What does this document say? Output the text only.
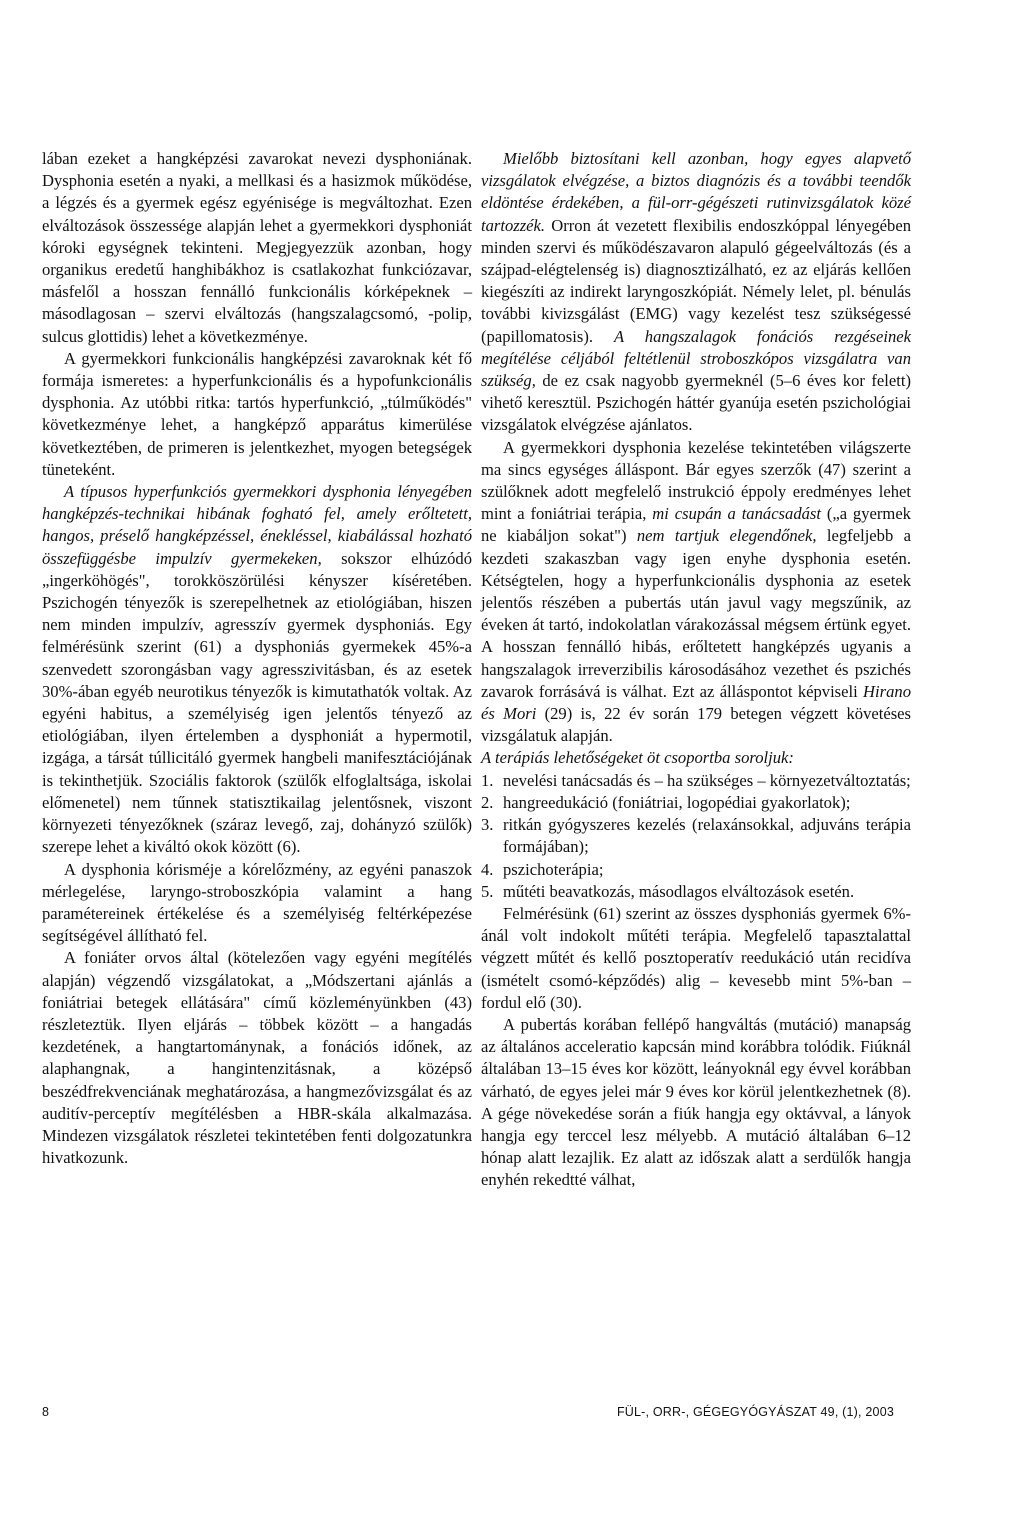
lában ezeket a hangképzési zavarokat nevezi dysphoniának. Dysphonia esetén a nyaki, a mellkasi és a hasizmok működése, a légzés és a gyermek egész egyénisége is megváltozhat. Ezen elváltozások összessége alapján lehet a gyermekkori dysphoniát kóroki egységnek tekinteni. Megjegyezzük azonban, hogy organikus eredetű hanghibákhoz is csatlakozhat funkciózavar, másfelől a hosszan fennálló funkcionális kórképeknek – másodlagosan – szervi elváltozás (hangszalagcsomó, -polip, sulcus glottidis) lehet a következménye.

A gyermekkori funkcionális hangképzési zavaroknak két fő formája ismeretes: a hyperfunkcionális és a hypofunkcionális dysphonia. Az utóbbi ritka: tartós hyperfunkció, „túlműködés" következménye lehet, a hangképző apparátus kimerülése következtében, de primeren is jelentkezhet, myogen betegségek tüneteként.

A típusos hyperfunkciós gyermekkori dysphonia lényegében hangképzés-technikai hibának fogható fel, amely erőltetett, hangos, préselő hangképzéssel, énekléssel, kiabálással hozható összefüggésbe impulzív gyermekeken, sokszor elhúzódó „ingerköhögés", torokköszörülési kényszer kíséretében. Pszichogén tényezők is szerepelhetnek az etiológiában, hiszen nem minden impulzív, agresszív gyermek dysphoniás. Egy felmérésünk szerint (61) a dysphoniás gyermekek 45%-a szenvedett szorongásban vagy agresszivitásban, és az esetek 30%-ában egyéb neurotikus tényezők is kimutathatók voltak. Az egyéni habitus, a személyiség igen jelentős tényező az etiológiában, ilyen értelemben a dysphoniát a hypermotil, izgága, a társát túllicitáló gyermek hangbeli manifesztációjának is tekinthetjük. Szociális faktorok (szülők elfoglaltsága, iskolai előmenetel) nem tűnnek statisztikailag jelentősnek, viszont környezeti tényezőknek (száraz levegő, zaj, dohányzó szülők) szerepe lehet a kiváltó okok között (6).

A dysphonia kórisméje a kórelőzmény, az egyéni panaszok mérlegelése, laryngo-stroboszkópia valamint a hang paramétereinek értékelése és a személyiség feltérképezése segítségével állítható fel.

A foniáter orvos által (kötelezően vagy egyéni megítélés alapján) végzendő vizsgálatokat, a „Módszertani ajánlás a foniátriai betegek ellátására" című közleményünkben (43) részleteztük. Ilyen eljárás – többek között – a hangadás kezdetének, a hangtartománynak, a fonációs időnek, az alaphangnak, a hangintenzitásnak, a középső beszédfrekvenciának meghatározása, a hangmezővizsgálat és az auditív-perceptív megítélésben a HBR-skála alkalmazása. Mindezen vizsgálatok részletei tekintetében fenti dolgozatunkra hivatkozunk.

Mielőbb biztosítani kell azonban, hogy egyes alapvető vizsgálatok elvégzése, a biztos diagnózis és a további teendők eldöntése érdekében, a fül-orr-gégészeti rutinvizsgálatok közé tartozzék. Orron át vezetett flexibilis endoszkóppal lényegében minden szervi és működészavaron alapuló gégeelváltozás (és a szájpad-elégtelenség is) diagnosztizálható, ez az eljárás kellően kiegészíti az indirekt laryngoszkópiát. Némely lelet, pl. bénulás további kivizsgálást (EMG) vagy kezelést tesz szükségessé (papillomatosis). A hangszalagok fonációs rezgéseinek megítélése céljából feltétlenül stroboszkópos vizsgálatra van szükség, de ez csak nagyobb gyermeknél (5–6 éves kor felett) vihető keresztül. Pszichogén háttér gyanúja esetén pszichológiai vizsgálatok elvégzése ajánlatos.

A gyermekkori dysphonia kezelése tekintetében világszerte ma sincs egységes álláspont. Bár egyes szerzők (47) szerint a szülőknek adott megfelelő instrukció éppoly eredményes lehet mint a foniátriai terápia, mi csupán a tanácsadást („a gyermek ne kiabáljon sokat") nem tartjuk elegendőnek, legfeljebb a kezdeti szakaszban vagy igen enyhe dysphonia esetén. Kétségtelen, hogy a hyperfunkcionális dysphonia az esetek jelentős részében a pubertás után javul vagy megszűnik, az éveken át tartó, indokolatlan várakozással mégsem értünk egyet. A hosszan fennálló hibás, erőltetett hangképzés ugyanis a hangszalagok irreverzibilis károsodásához vezethet és pszichés zavarok forrásává is válhat. Ezt az álláspontot képviseli Hirano és Mori (29) is, 22 év során 179 betegen végzett követéses vizsgálatuk alapján.

A terápiás lehetőségeket öt csoportba soroljuk:

1. nevelési tanácsadás és – ha szükséges – környezetváltoztatás;
2. hangreedukáció (foniátriai, logopédiai gyakorlatok);
3. ritkán gyógyszeres kezelés (relaxánsokkal, adjuváns terápia formájában);
4. pszichoterápia;
5. műtéti beavatkozás, másodlagos elváltozások esetén.

Felmérésünk (61) szerint az összes dysphoniás gyermek 6%-ánál volt indokolt műtéti terápia. Megfelelő tapasztalattal végzett műtét és kellő posztoperatív reedukáció után recidíva (ismételt csomó-képződés) alig – kevesebb mint 5%-ban – fordul elő (30).

A pubertás korában fellépő hangváltás (mutáció) manapság az általános acceleratio kapcsán mind korábbra tolódik. Fiúknál általában 13–15 éves kor között, leányoknál egy évvel korábban várható, de egyes jelei már 9 éves kor körül jelentkezhetnek (8). A gége növekedése során a fiúk hangja egy oktávval, a lányok hangja egy terccel lesz mélyebb. A mutáció általában 6–12 hónap alatt lezajlik. Ez alatt az időszak alatt a serdülők hangja enyhén rekedtté válhat,

8	FÜL-, ORR-, GÉGEGYÓGYÁSZAT 49, (1), 2003
